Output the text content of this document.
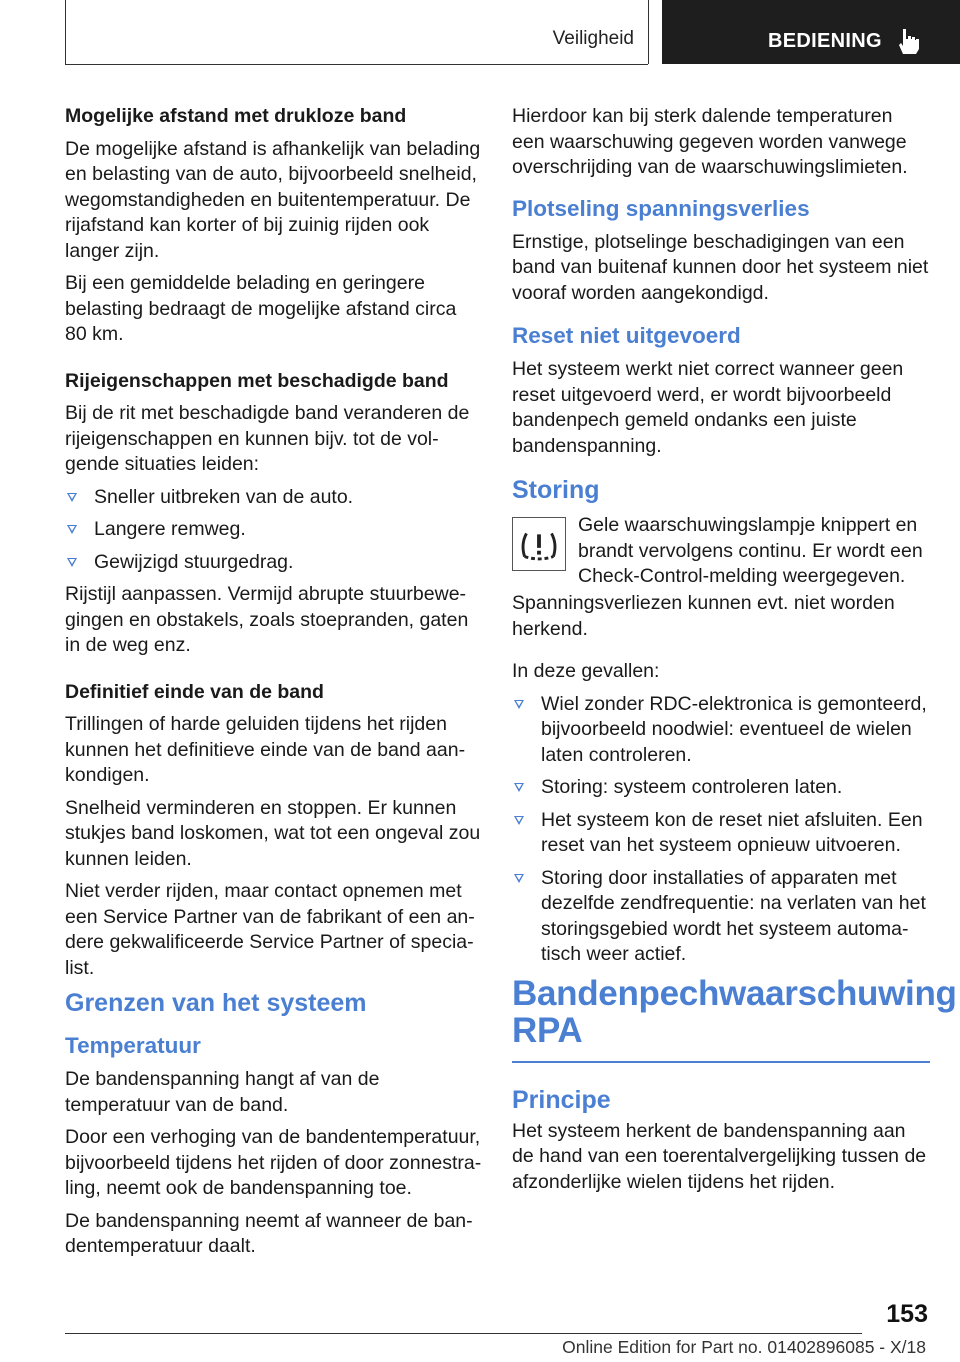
Veiligheid	BEDIENING

Mogelijke afstand met drukloze band

De mogelijke afstand is afhankelijk van belading en belasting van de auto, bijvoorbeeld snelheid, wegomstandigheden en buitentemperatuur. De rijafstand kan korter of bij zuinig rijden ook langer zijn.

Bij een gemiddelde belading en geringere belasting bedraagt de mogelijke afstand circa 80 km.

Rijeigenschappen met beschadigde band

Bij de rit met beschadigde band veranderen de rijeigenschappen en kunnen bijv. tot de volgende situaties leiden:

Sneller uitbreken van de auto.
Langere remweg.
Gewijzigd stuurgedrag.

Rijstijl aanpassen. Vermijd abrupte stuurbewegingen en obstakels, zoals stoepranden, gaten in de weg enz.

Definitief einde van de band

Trillingen of harde geluiden tijdens het rijden kunnen het definitieve einde van de band aankondigen.

Snelheid verminderen en stoppen. Er kunnen stukjes band loskomen, wat tot een ongeval zou kunnen leiden.

Niet verder rijden, maar contact opnemen met een Service Partner van de fabrikant of een andere gekwalificeerde Service Partner of specialist.

Grenzen van het systeem

Temperatuur

De bandenspanning hangt af van de temperatuur van de band.

Door een verhoging van de bandentemperatuur, bijvoorbeeld tijdens het rijden of door zonnestraling, neemt ook de bandenspanning toe.

De bandenspanning neemt af wanneer de bandentemperatuur daalt.

Hierdoor kan bij sterk dalende temperaturen een waarschuwing gegeven worden vanwege overschrijding van de waarschuwingslimieten.

Plotseling spanningsverlies

Ernstige, plotselinge beschadigingen van een band van buitenaf kunnen door het systeem niet vooraf worden aangekondigd.

Reset niet uitgevoerd

Het systeem werkt niet correct wanneer geen reset uitgevoerd werd, er wordt bijvoorbeeld bandenpech gemeld ondanks een juiste bandenspanning.

Storing

Gele waarschuwingslampje knippert en brandt vervolgens continu. Er wordt een Check-Control-melding weergegeven.

Spanningsverliezen kunnen evt. niet worden herkend.

In deze gevallen:

Wiel zonder RDC-elektronica is gemonteerd, bijvoorbeeld noodwiel: eventueel de wielen laten controleren.
Storing: systeem controleren laten.
Het systeem kon de reset niet afsluiten. Een reset van het systeem opnieuw uitvoeren.
Storing door installaties of apparaten met dezelfde zendfrequentie: na verlaten van het storingsgebied wordt het systeem automatisch weer actief.

Bandenpechwaarschuwing RPA

Principe

Het systeem herkent de bandenspanning aan de hand van een toerentalvergelijking tussen de afzonderlijke wielen tijdens het rijden.

153
Online Edition for Part no. 01402896085 - X/18
